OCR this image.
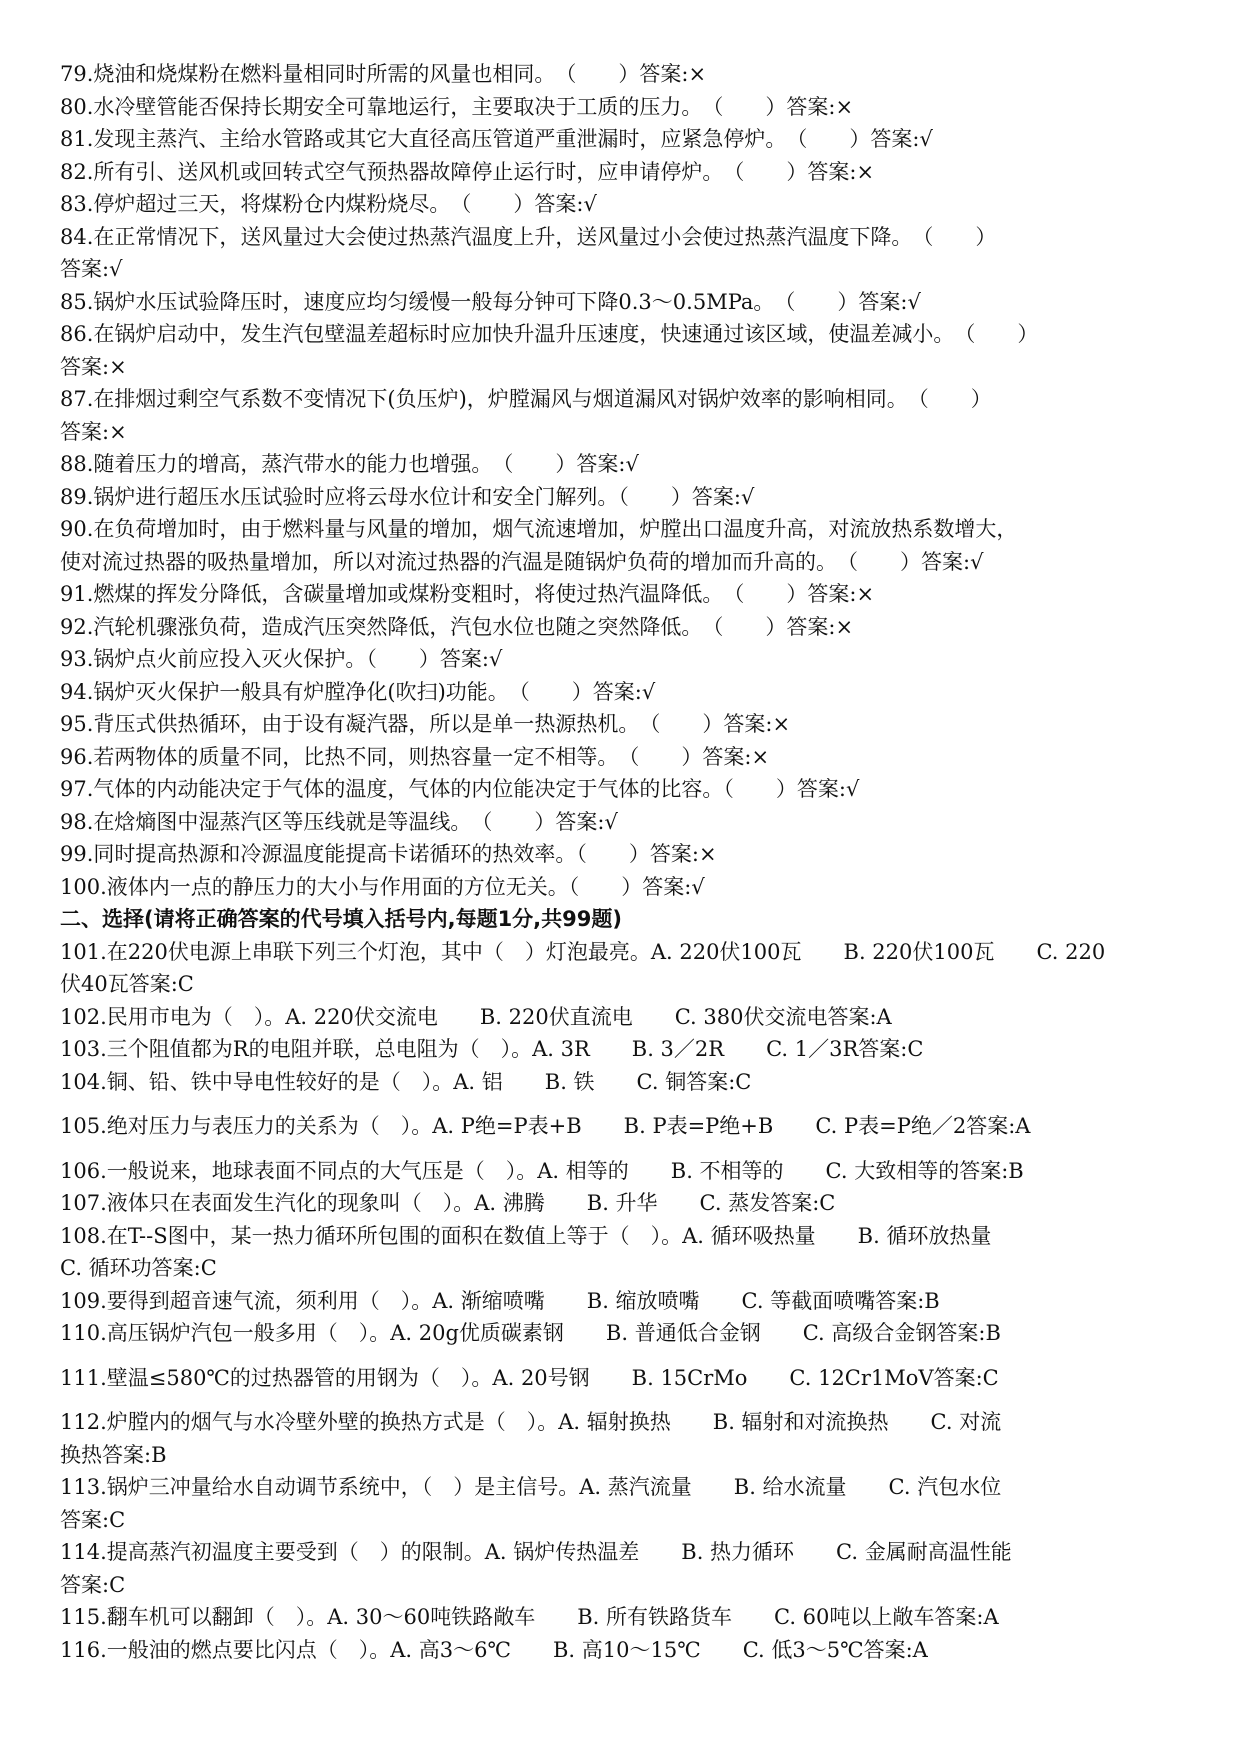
79.烧油和烧煤粉在燃料量相同时所需的风量也相同。　（　　）答案:×
80.水冷壁管能否保持长期安全可靠地运行，主要取决于工质的压力。　（　　）答案:×
81.发现主蒸汽、主给水管路或其它大直径高压管道严重泄漏时，应紧急停炉。　（　　）答案:√
82.所有引、送风机或回转式空气预热器故障停止运行时，应申请停炉。　（　　）答案:×
83.停炉超过三天，将煤粉仓内煤粉烧尽。　（　　）答案:√
84.在正常情况下，送风量过大会使过热蒸汽温度上升，送风量过小会使过热蒸汽温度下降。　（　　）
答案:√
85.锅炉水压试验降压时，速度应均匀缓慢一般每分钟可下降0.3～0.5MPa。　（　　）答案:√
86.在锅炉启动中，发生汽包壁温差超标时应加快升温升压速度，快速通过该区域，使温差减小。　（　　）
答案:×
87.在排烟过剩空气系数不变情况下(负压炉)，炉膛漏风与烟道漏风对锅炉效率的影响相同。　（　　）
答案:×
88.随着压力的增高，蒸汽带水的能力也增强。　（　　）答案:√
89.锅炉进行超压水压试验时应将云母水位计和安全门解列。（　　）答案:√
90.在负荷增加时，由于燃料量与风量的增加，烟气流速增加，炉膛出口温度升高，对流放热系数增大，
使对流过热器的吸热量增加，所以对流过热器的汽温是随锅炉负荷的增加而升高的。　（　　）答案:√
91.燃煤的挥发分降低，含碳量增加或煤粉变粗时，将使过热汽温降低。　（　　）答案:×
92.汽轮机骤涨负荷，造成汽压突然降低，汽包水位也随之突然降低。　（　　）答案:×
93.锅炉点火前应投入灭火保护。（　　）答案:√
94.锅炉灭火保护一般具有炉膛净化(吹扫)功能。　（　　）答案:√
95.背压式供热循环，由于设有凝汽器，所以是单一热源热机。　（　　）答案:×
96.若两物体的质量不同，比热不同，则热容量一定不相等。　（　　）答案:×
97.气体的内动能决定于气体的温度，气体的内位能决定于气体的比容。（　　）答案:√
98.在焓熵图中湿蒸汽区等压线就是等温线。　（　　）答案:√
99.同时提高热源和冷源温度能提高卡诺循环的热效率。（　　）答案:×
100.液体内一点的静压力的大小与作用面的方位无关。（　　）答案:√
二、选择(请将正确答案的代号填入括号内,每题1分,共99题)
101.在220伏电源上串联下列三个灯泡，其中（　）灯泡最亮。A. 220伏100瓦　　B. 220伏100瓦　　C. 220
伏40瓦答案:C
102.民用市电为（　）。A. 220伏交流电　　B. 220伏直流电　　C. 380伏交流电答案:A
103.三个阻值都为R的电阻并联，总电阻为（　）。A. 3R　　B. 3／2R　　C. 1／3R答案:C
104.铜、铅、铁中导电性较好的是（　）。A. 铝　　B. 铁　　C. 铜答案:C
105.绝对压力与表压力的关系为（　）。A. P绝=P表+B　　B. P表=P绝+B　　C. P表=P绝／2答案:A
106.一般说来，地球表面不同点的大气压是（　）。A. 相等的　　B. 不相等的　　C. 大致相等的答案:B
107.液体只在表面发生汽化的现象叫（　）。A. 沸腾　　B. 升华　　C. 蒸发答案:C
108.在T--S图中，某一热力循环所包围的面积在数值上等于（　）。A. 循环吸热量　　B. 循环放热量
C. 循环功答案:C
109.要得到超音速气流，须利用（　）。A. 渐缩喷嘴　　B. 缩放喷嘴　　C. 等截面喷嘴答案:B
110.高压锅炉汽包一般多用（　）。A. 20g优质碳素钢　　B. 普通低合金钢　　C. 高级合金钢答案:B
111.壁温≤580℃的过热器管的用钢为（　）。A. 20号钢　　B. 15CrMo　　C. 12Cr1MoV答案:C
112.炉膛内的烟气与水冷壁外壁的换热方式是（　）。A. 辐射换热　　B. 辐射和对流换热　　C. 对流
换热答案:B
113.锅炉三冲量给水自动调节系统中，（　）是主信号。A. 蒸汽流量　　B. 给水流量　　C. 汽包水位
答案:C
114.提高蒸汽初温度主要受到（　）的限制。A. 锅炉传热温差　　B. 热力循环　　C. 金属耐高温性能
答案:C
115.翻车机可以翻卸（　）。A. 30～60吨铁路敞车　　B. 所有铁路货车　　C. 60吨以上敞车答案:A
116.一般油的燃点要比闪点（　）。A. 高3～6℃　　B. 高10～15℃　　C. 低3～5℃答案:A
